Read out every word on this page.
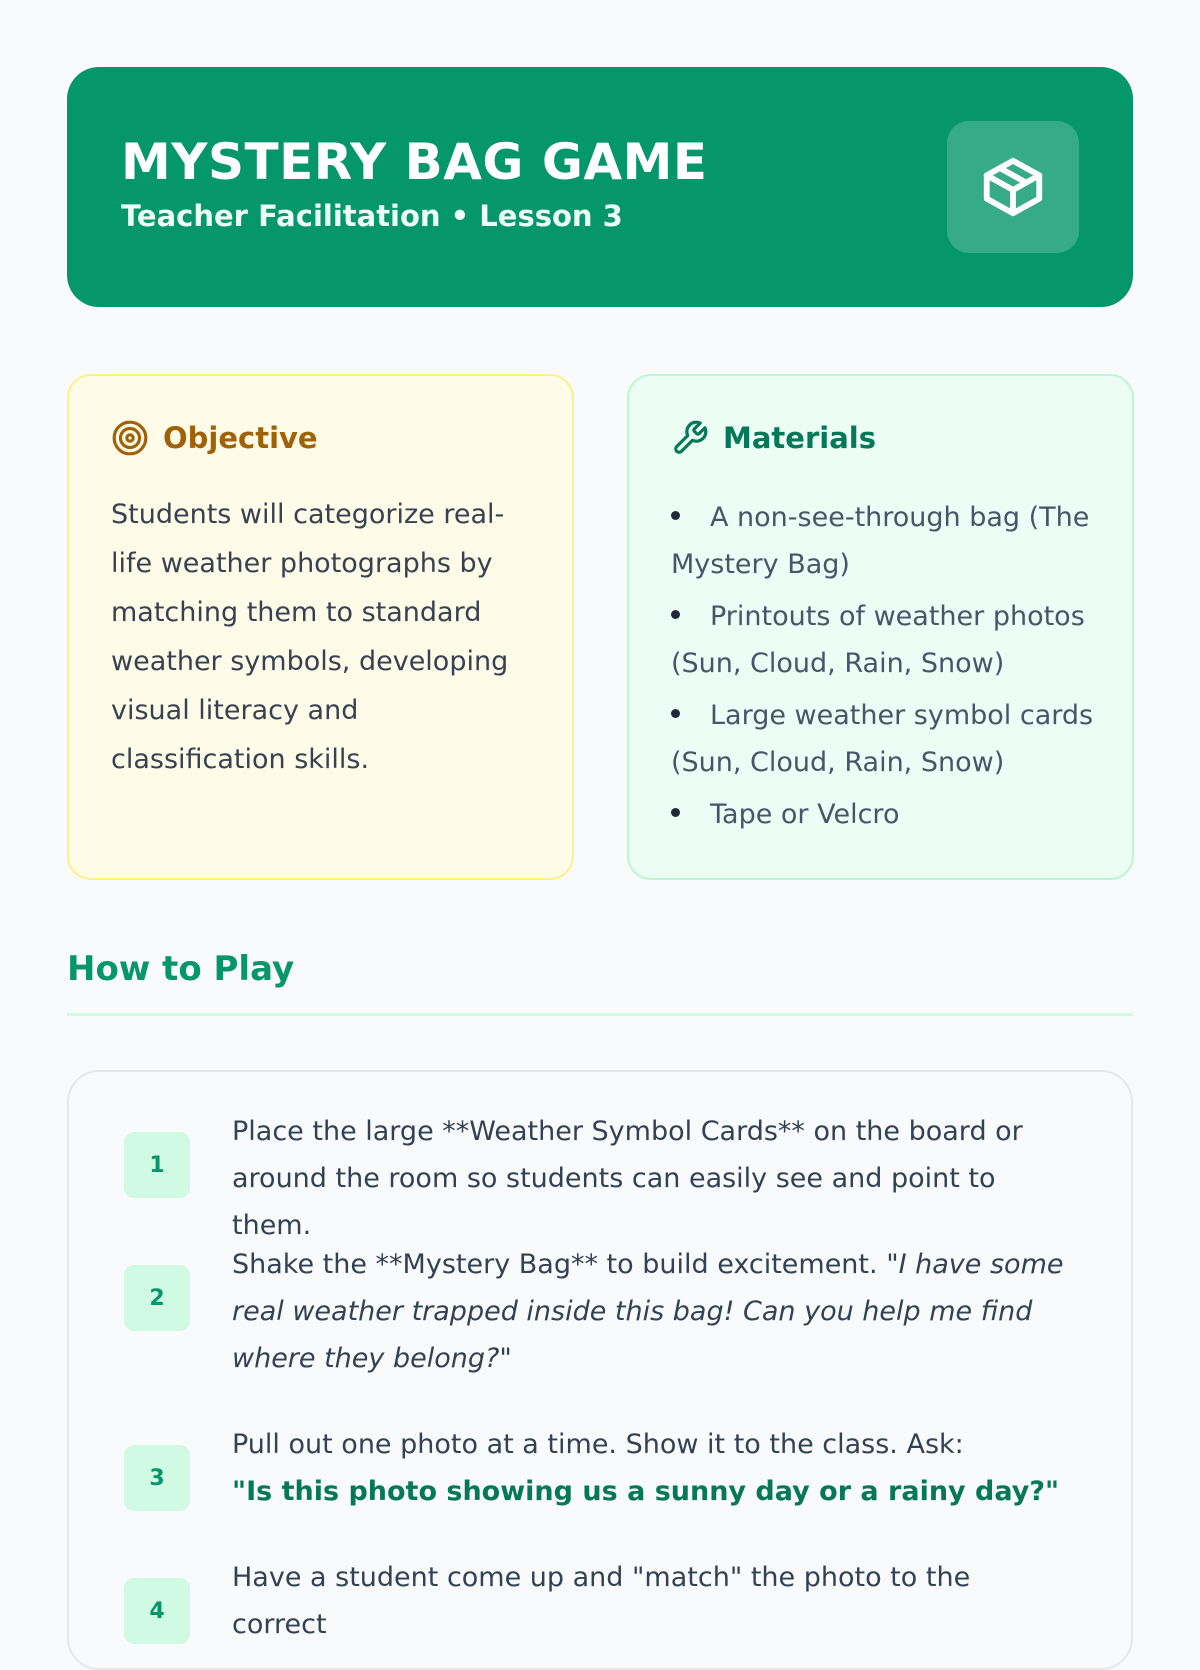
MYSTERY BAG GAME
Teacher Facilitation • Lesson 3
Objective

Students will categorize real-life weather photographs by matching them to standard weather symbols, developing visual literacy and classification skills.

Materials
A non-see-through bag (The Mystery Bag)
Printouts of weather photos (Sun, Cloud, Rain, Snow)
Large weather symbol cards (Sun, Cloud, Rain, Snow)
Tape or Velcro
How to Play
1

Place the large **Weather Symbol Cards** on the board or around the room so students can easily see and point to them.

2

Shake the **Mystery Bag** to build excitement. "I have some real weather trapped inside this bag! Can you help me find where they belong?"

3

Pull out one photo at a time. Show it to the class. Ask:
"Is this photo showing us a sunny day or a rainy day?"

4

Have a student come up and "match" the photo to the correct
